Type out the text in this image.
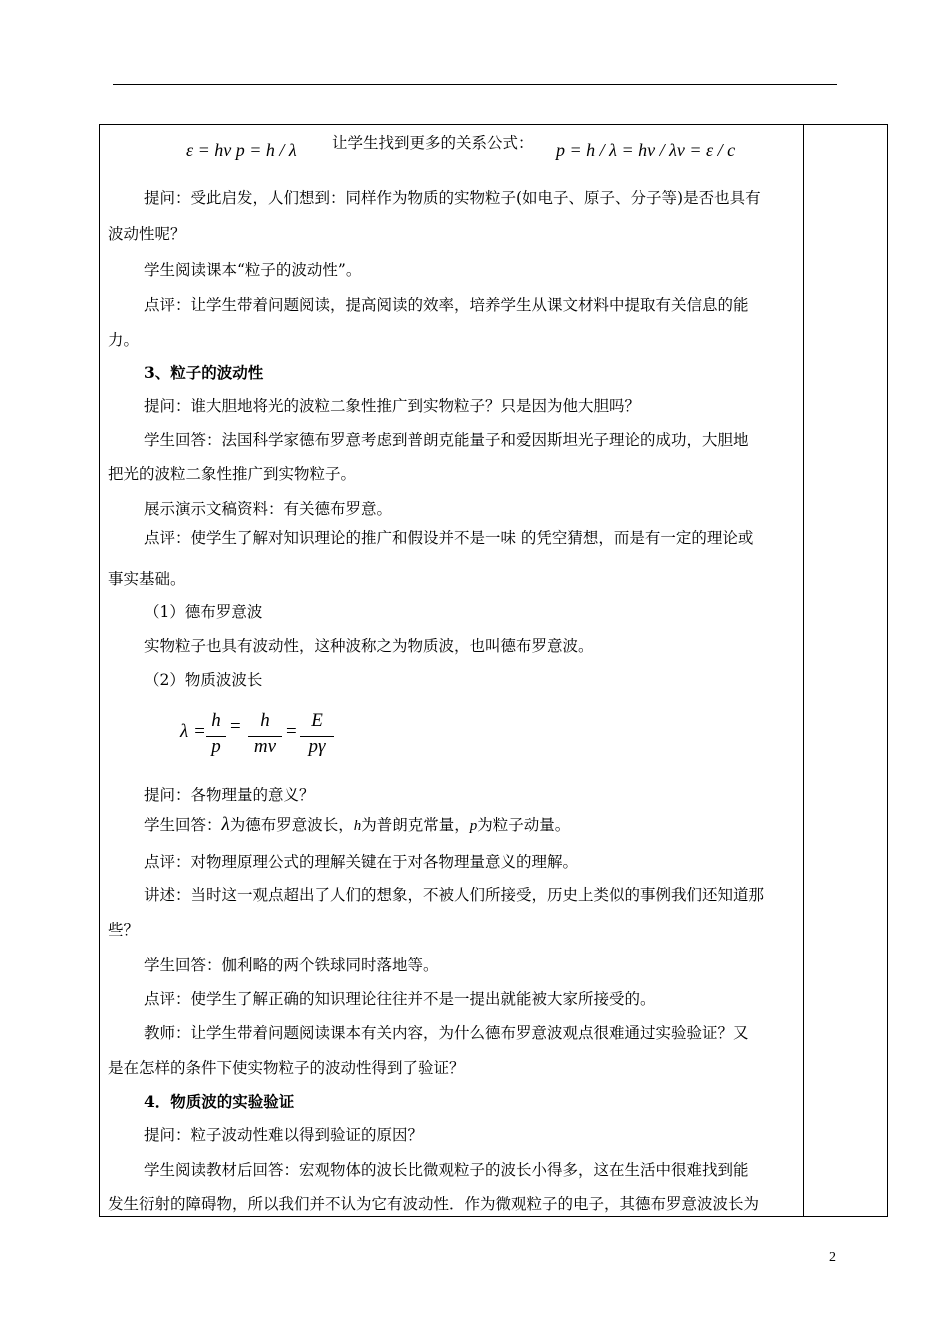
ε = hν p = h / λ 让学生找到更多的关系公式： p = h / λ = hν / λν = ε / c
提问：受此启发，人们想到：同样作为物质的实物粒子(如电子、原子、分子等)是否也具有
波动性呢？
学生阅读课本“粒子的波动性”。
点评：让学生带着问题阅读，提高阅读的效率，培养学生从课文材料中提取有关信息的能
力。
3、粒子的波动性
提问：谁大胆地将光的波粒二象性推广到实物粒子？只是因为他大胆吗？
学生回答：法国科学家德布罗意考虑到普朗克能量子和爱因斯坦光子理论的成功，大胆地
把光的波粒二象性推广到实物粒子。
展示演示文稿资料：有关德布罗意。
点评：使学生了解对知识理论的推广和假设并不是一味 的凭空猜想，而是有一定的理论或
事实基础。
（1）德布罗意波
实物粒子也具有波动性，这种波称之为物质波，也叫德布罗意波。
（2）物质波波长
λ =
h
p
=	h
mν
=
E
pγ
提问：各物理量的意义？
学生回答：λ为德布罗意波长，h为普朗克常量，p为粒子动量。
点评：对物理原理公式的理解关键在于对各物理量意义的理解。
讲述：当时这一观点超出了人们的想象，不被人们所接受，历史上类似的事例我们还知道那
些？
学生回答：伽利略的两个铁球同时落地等。
点评：使学生了解正确的知识理论往往并不是一提出就能被大家所接受的。
教师：让学生带着问题阅读课本有关内容，为什么德布罗意波观点很难通过实验验证？又
是在怎样的条件下使实物粒子的波动性得到了验证？
4．物质波的实验验证
提问：粒子波动性难以得到验证的原因？
学生阅读教材后回答：宏观物体的波长比微观粒子的波长小得多，这在生活中很难找到能
发生衍射的障碍物，所以我们并不认为它有波动性．作为微观粒子的电子，其德布罗意波波长为
2
